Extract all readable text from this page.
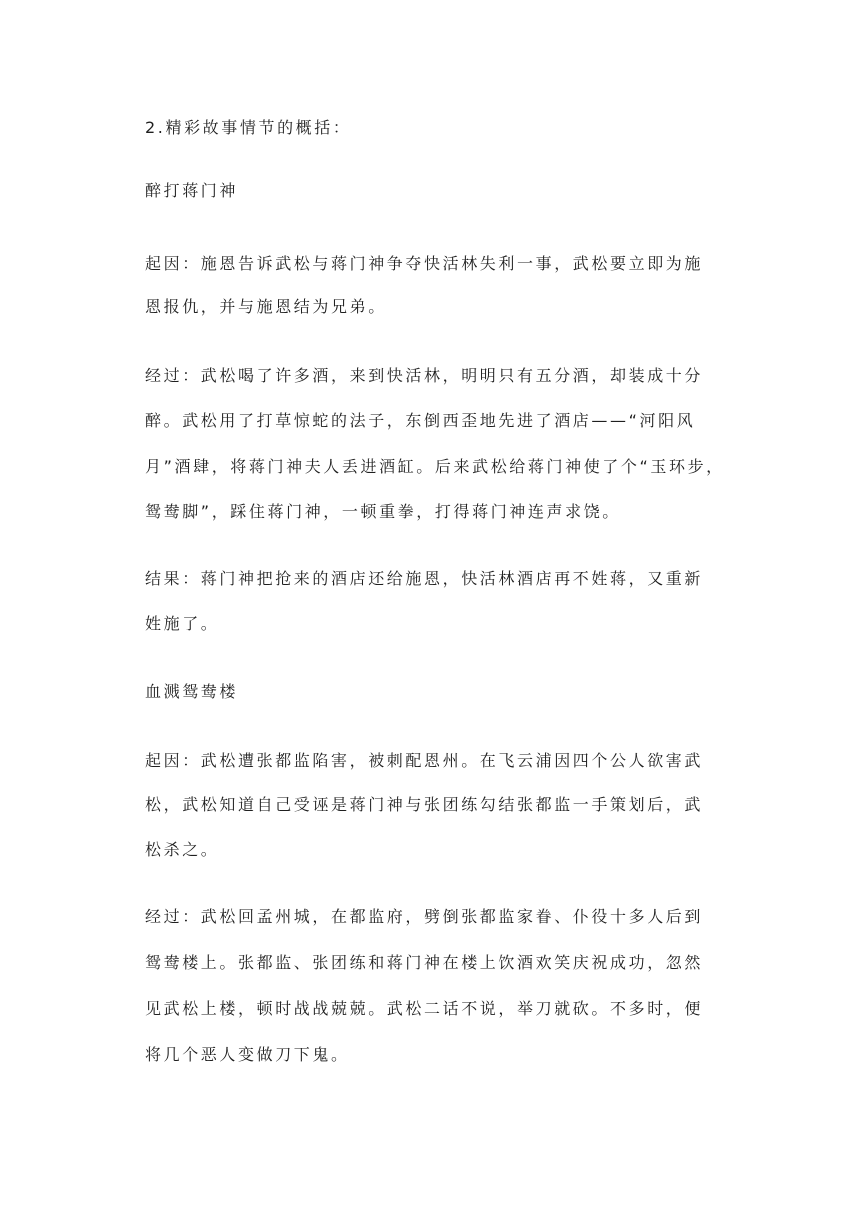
2.精彩故事情节的概括：
醉打蒋门神
起因：施恩告诉武松与蒋门神争夺快活林失利一事，武松要立即为施
恩报仇，并与施恩结为兄弟。
经过：武松喝了许多酒，来到快活林，明明只有五分酒，却装成十分
醉。武松用了打草惊蛇的法子，东倒西歪地先进了酒店——“河阳风
月”酒肆，将蒋门神夫人丢进酒缸。后来武松给蒋门神使了个“玉环步，
鸳鸯脚”，踩住蒋门神，一顿重拳，打得蒋门神连声求饶。
结果：蒋门神把抢来的酒店还给施恩，快活林酒店再不姓蒋，又重新
姓施了。
血溅鸳鸯楼
起因：武松遭张都监陷害，被刺配恩州。在飞云浦因四个公人欲害武
松，武松知道自己受诬是蒋门神与张团练勾结张都监一手策划后，武
松杀之。
经过：武松回孟州城，在都监府，劈倒张都监家眷、仆役十多人后到
鸳鸯楼上。张都监、张团练和蒋门神在楼上饮酒欢笑庆祝成功，忽然
见武松上楼，顿时战战兢兢。武松二话不说，举刀就砍。不多时，便
将几个恶人变做刀下鬼。
